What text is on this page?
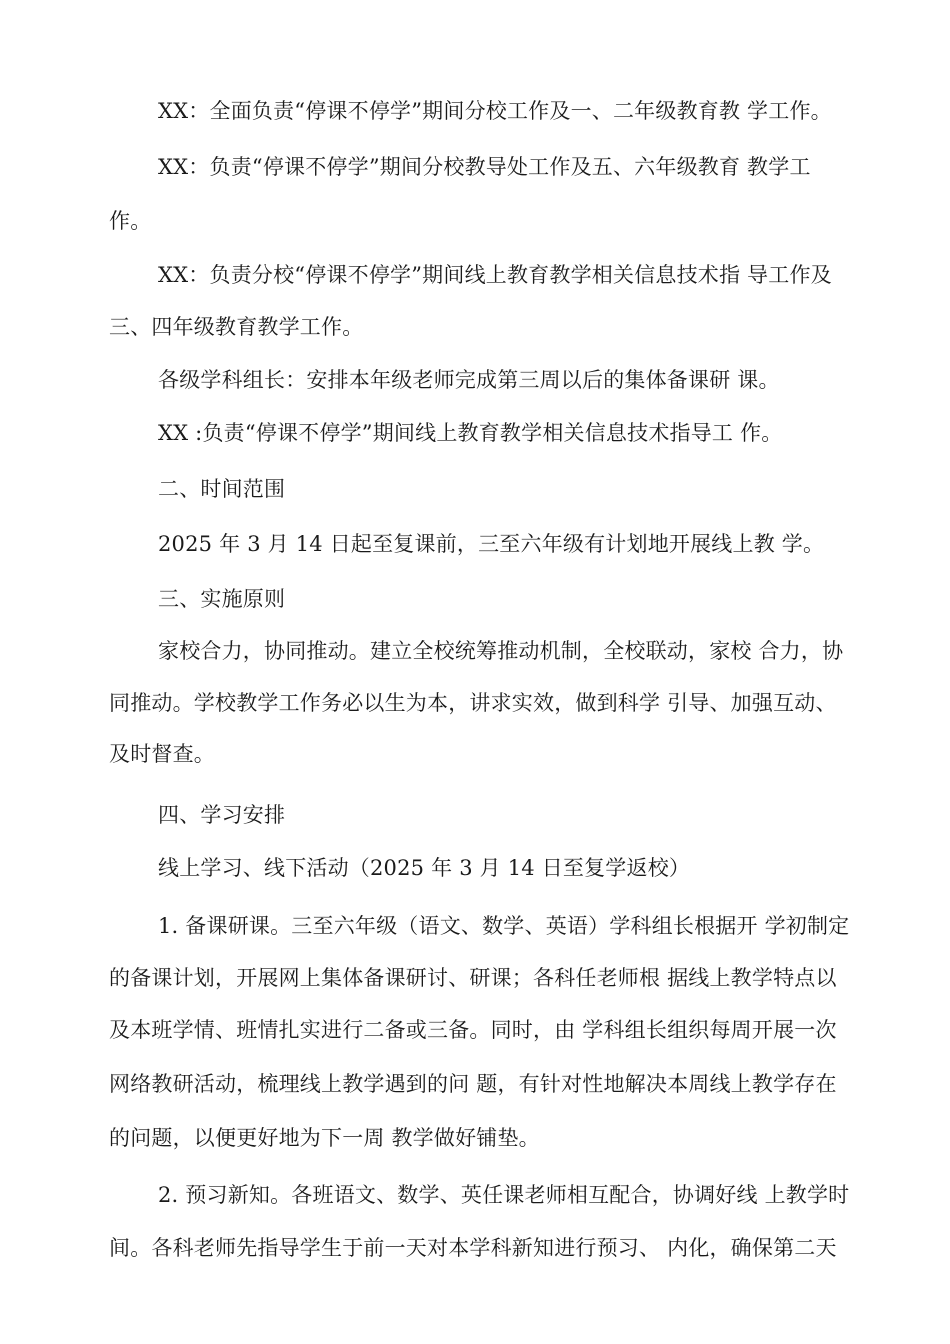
XX：全面负责“停课不停学”期间分校工作及一、二年级教育教 学工作。
XX：负责“停课不停学”期间分校教导处工作及五、六年级教育 教学工
作。
XX：负责分校“停课不停学”期间线上教育教学相关信息技术指 导工作及
三、四年级教育教学工作。
各级学科组长：安排本年级老师完成第三周以后的集体备课研 课。
XX :负责“停课不停学”期间线上教育教学相关信息技术指导工 作。
二、时间范围
2025 年 3 月 14 日起至复课前，三至六年级有计划地开展线上教 学。
三、实施原则
家校合力，协同推动。建立全校统筹推动机制，全校联动，家校 合力，协
同推动。学校教学工作务必以生为本，讲求实效，做到科学 引导、加强互动、
及时督查。
四、学习安排
线上学习、线下活动（2025 年 3 月 14 日至复学返校）
1. 备课研课。三至六年级（语文、数学、英语）学科组长根据开 学初制定
的备课计划，开展网上集体备课研讨、研课；各科任老师根 据线上教学特点以
及本班学情、班情扎实进行二备或三备。同时，由 学科组长组织每周开展一次
网络教研活动，梳理线上教学遇到的问 题，有针对性地解决本周线上教学存在
的问题，以便更好地为下一周 教学做好铺垫。
2. 预习新知。各班语文、数学、英任课老师相互配合，协调好线 上教学时
间。各科老师先指导学生于前一天对本学科新知进行预习、 内化，确保第二天
